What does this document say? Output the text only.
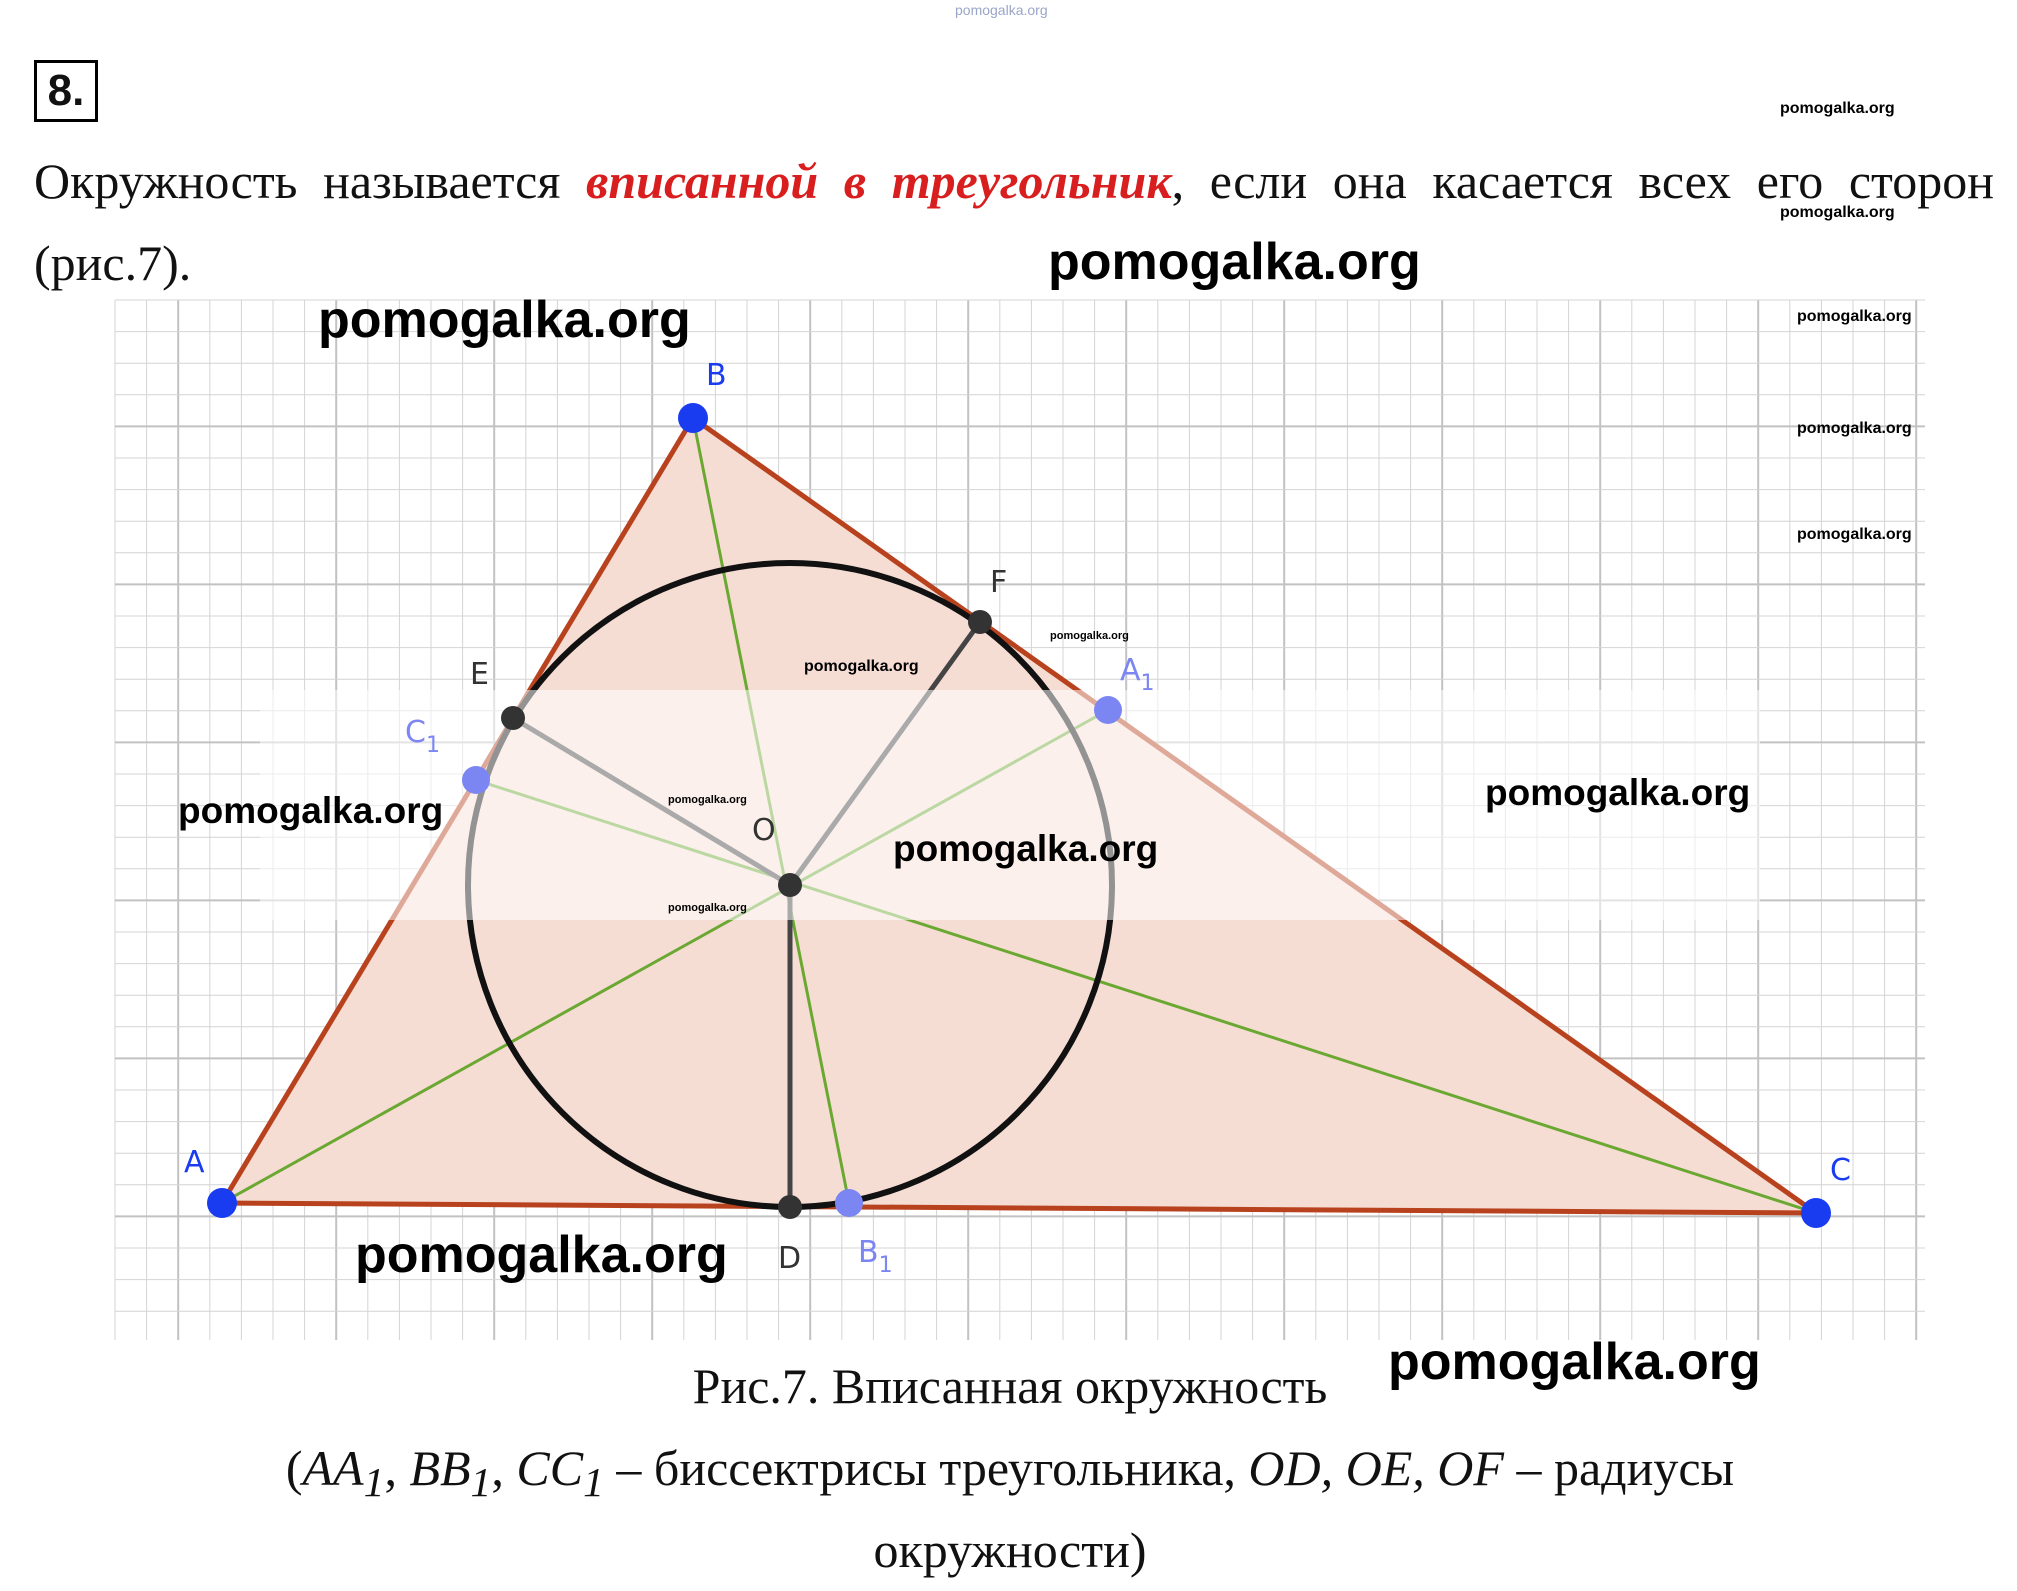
pomogalka.org
8.	pomogalka.org
pomogalka.org
Окружность называется вписанной в треугольник, если она касается всех его сторон (рис.7).	pomogalka.org
A
B
C
$A_1$
$B_1$
$C_1$
D
E
F
O
pomogalka.org	pomogalka.org
pomogalka.org
pomogalka.org
pomogalka.org
pomogalka.org
pomogalka.org	pomogalka.org
pomogalka.org
pomogalka.org
pomogalka.org
pomogalka.org
Рис.7. Вписанная окружность	pomogalka.org
($AA_1$, $BB_1$, $CC_1$ – биссектрисы треугольника, OD, OE, OF – радиусы
окружности)
